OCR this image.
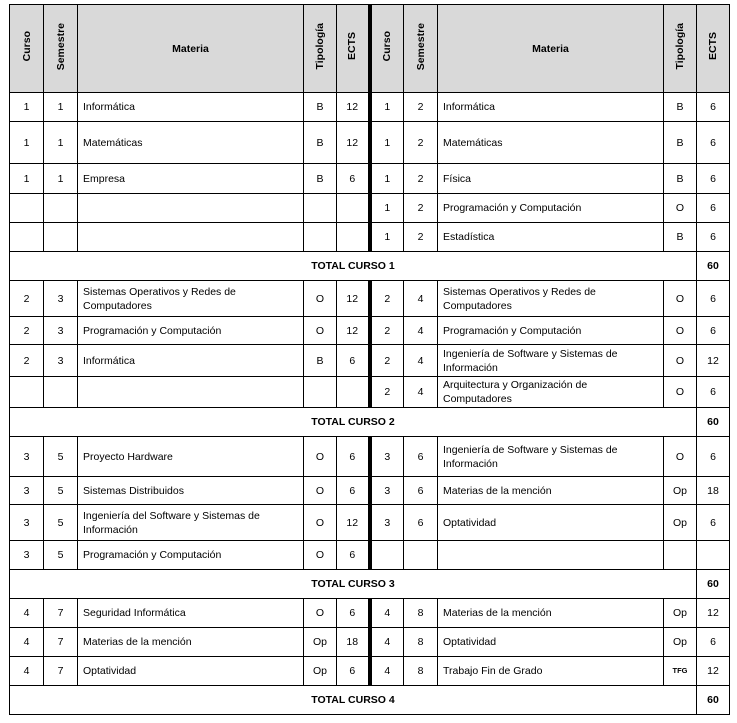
Curso	Semestre	Materia	Tipología	ECTS	Curso	Semestre	Materia	Tipología	ECTS
1	1	Informática	B	12	1	2	Informática	B	6
1	1	Matemáticas	B	12	1	2	Matemáticas	B	6
1	1	Empresa	B	6	1	2	Física	B	6
					1	2	Programación y Computación	O	6
					1	2	Estadística	B	6
TOTAL CURSO 1									60
2	3	Sistemas Operativos y Redes de Computadores	O	12	2	4	Sistemas Operativos y Redes de Computadores	O	6
2	3	Programación y Computación	O	12	2	4	Programación y Computación	O	6
2	3	Informática	B	6	2	4	Ingeniería de Software y Sistemas de Información	O	12
					2	4	Arquitectura y Organización de Computadores	O	6
TOTAL CURSO 2									60
3	5	Proyecto Hardware	O	6	3	6	Ingeniería de Software y Sistemas de Información	O	6
3	5	Sistemas Distribuidos	O	6	3	6	Materias de la mención	Op	18
3	5	Ingeniería del Software y Sistemas de Información	O	12	3	6	Optatividad	Op	6
3	5	Programación y Computación	O	6					
TOTAL CURSO 3									60
4	7	Seguridad Informática	O	6	4	8	Materias de la mención	Op	12
4	7	Materias de la mención	Op	18	4	8	Optatividad	Op	6
4	7	Optatividad	Op	6	4	8	Trabajo Fin de Grado	TFG	12
TOTAL CURSO 4									60
